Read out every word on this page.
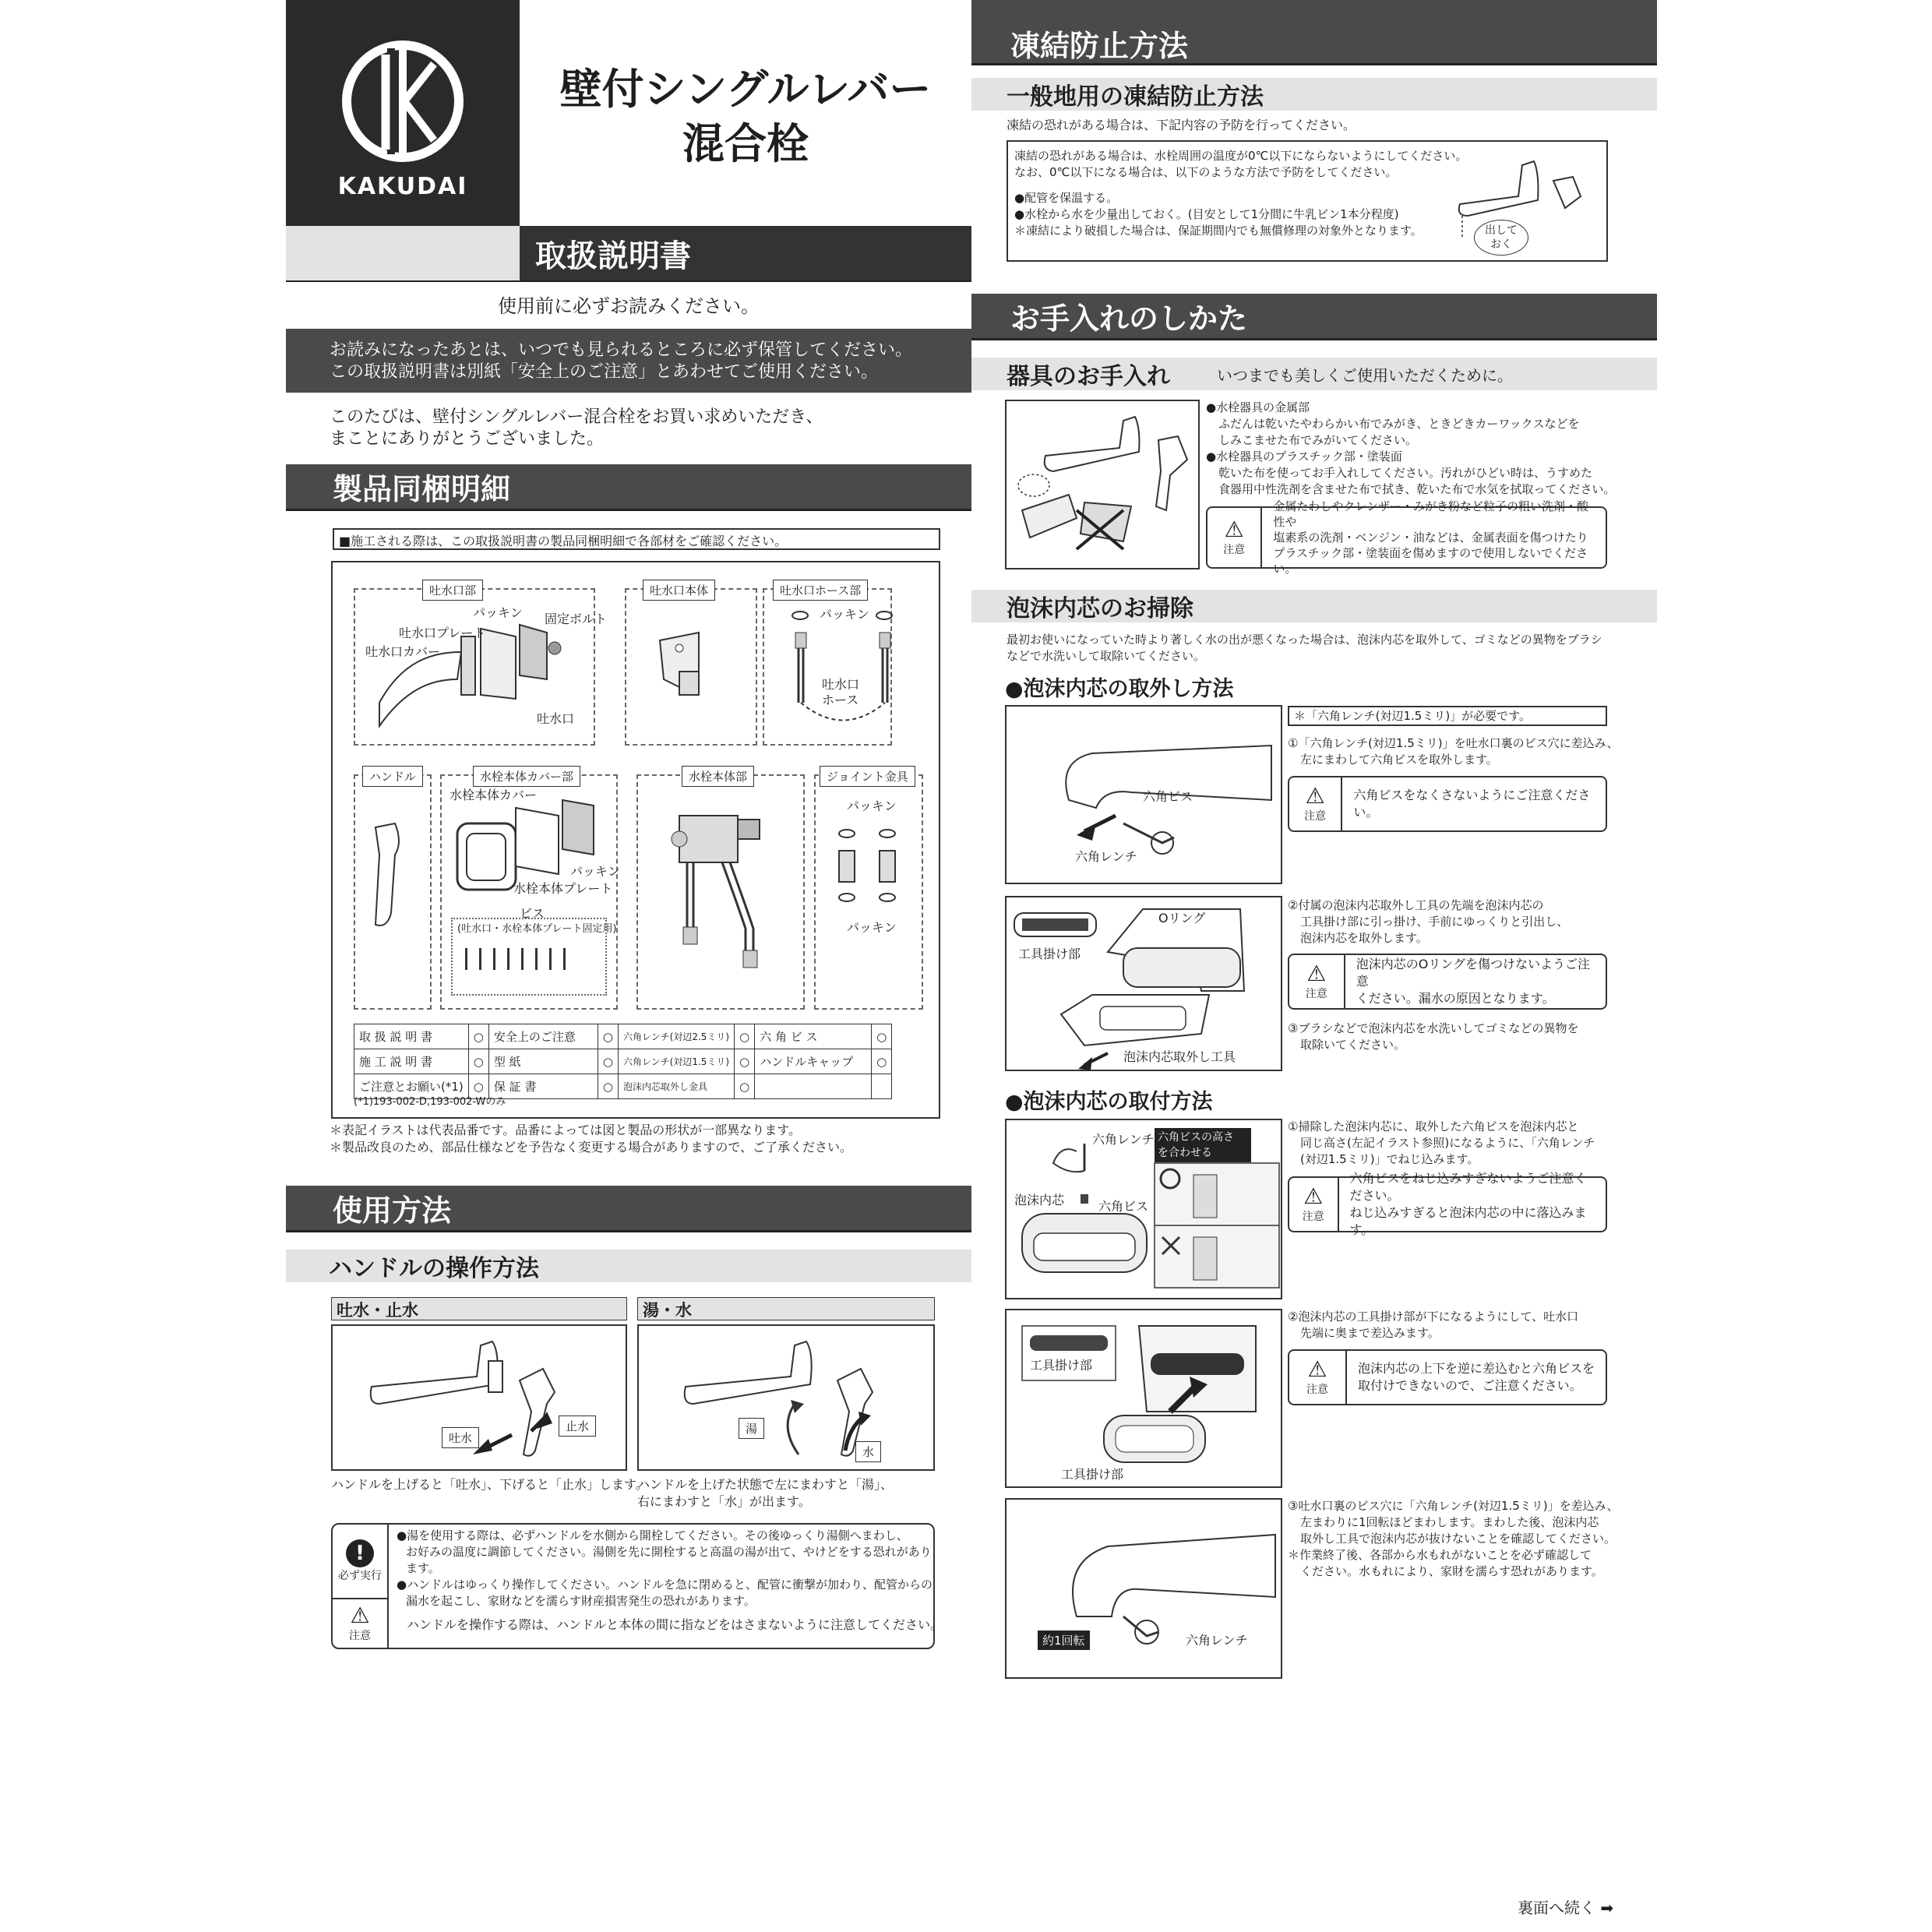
KAKUDAI
壁付シングルレバー
混合栓
取扱説明書
使用前に必ずお読みください。
お読みになったあとは、いつでも見られるところに必ず保管してください。
この取扱説明書は別紙「安全上のご注意」とあわせてご使用ください。
このたびは、壁付シングルレバー混合栓をお買い求めいただき、
まことにありがとうございました。
製品同梱明細
■施工される際は、この取扱説明書の製品同梱明細で各部材をご確認ください。
吐水口部
パッキン 固定ボルト
吐水口プレート
吐水口カバー
吐水口
吐水口本体	吐水口ホース部
パッキン
吐水口
ホース
ハンドル	水栓本体カバー部
水栓本体カバー
パッキン
水栓本体プレート
ビス
(吐水口・水栓本体プレート固定用)
水栓本体部	ジョイント金具
パッキン
パッキン
取 扱 説 明 書	○	安全上のご注意	○	六角レンチ(対辺2.5ミリ)	○	六 角 ビ ス	○
施 工 説 明 書	○	型 紙	○	六角レンチ(対辺1.5ミリ)	○	ハンドルキャップ	○
ご注意とお願い(*1)	○	保 証 書	○	泡沫内芯取外し金具	○		
(*1)193-002-D,193-002-Wのみ
＊表記イラストは代表品番です。品番によっては図と製品の形状が一部異なります。
＊製品改良のため、部品仕様などを予告なく変更する場合がありますので、ご了承ください。
使用方法
ハンドルの操作方法
吐水・止水	湯・水
吐水
止水	湯
水
ハンドルを上げると「吐水」、下げると「止水」します。
ハンドルを上げた状態で左にまわすと「湯」、
右にまわすと「水」が出ます。
!
必ず実行
●湯を使用する際は、必ずハンドルを水側から開栓してください。その後ゆっくり湯側へまわし、
お好みの温度に調節してください。湯側を先に開栓すると高温の湯が出て、やけどをする恐れがあります。
●ハンドルはゆっくり操作してください。ハンドルを急に閉めると、配管に衝撃が加わり、配管からの
漏水を起こし、家財などを濡らす財産損害発生の恐れがあります。
⚠
注意
ハンドルを操作する際は、ハンドルと本体の間に指などをはさまないように注意してください。
凍結防止方法
一般地用の凍結防止方法
凍結の恐れがある場合は、下記内容の予防を行ってください。
凍結の恐れがある場合は、水栓周囲の温度が0℃以下にならないようにしてください。
なお、0℃以下になる場合は、以下のような方法で予防をしてください。
●配管を保温する。
●水栓から水を少量出しておく。(目安として1分間に牛乳ビン1本分程度)
＊凍結により破損した場合は、保証期間内でも無償修理の対象外となります。	出して
おく
お手入れのしかた
器具のお手入れ	いつまでも美しくご使用いただくために。
●水栓器具の金属部
ふだんは乾いたやわらかい布でみがき、ときどきカーワックスなどを
しみこませた布でみがいてください。
●水栓器具のプラスチック部・塗装面
乾いた布を使ってお手入れしてください。汚れがひどい時は、うすめた
食器用中性洗剤を含ませた布で拭き、乾いた布で水気を拭取ってください。
⚠
注意
金属たわしやクレンザー・みがき粉など粒子の粗い洗剤・酸性や
塩素系の洗剤・ベンジン・油などは、金属表面を傷つけたり
プラスチック部・塗装面を傷めますので使用しないでください。
泡沫内芯のお掃除
最初お使いになっていた時より著しく水の出が悪くなった場合は、泡沫内芯を取外して、ゴミなどの異物をブラシ
などで水洗いして取除いてください。
●泡沫内芯の取外し方法
六角ビス
六角レンチ
＊「六角レンチ(対辺1.5ミリ)」が必要です。
①「六角レンチ(対辺1.5ミリ)」を吐水口裏のビス穴に差込み、
左にまわして六角ビスを取外します。
⚠
注意
六角ビスをなくさないようにご注意ください。
Oリング
工具掛け部
泡沫内芯取外し工具
②付属の泡沫内芯取外し工具の先端を泡沫内芯の
工具掛け部に引っ掛け、手前にゆっくりと引出し、
泡沫内芯を取外します。
⚠
注意
泡沫内芯のOリングを傷つけないようご注意
ください。漏水の原因となります。
③ブラシなどで泡沫内芯を水洗いしてゴミなどの異物を
取除いてください。
●泡沫内芯の取付方法
六角レンチ 六角ビスの高さ
を合わせる
泡沫内芯	六角ビス
①掃除した泡沫内芯に、取外した六角ビスを泡沫内芯と
同じ高さ(左記イラスト参照)になるように、「六角レンチ
(対辺1.5ミリ)」でねじ込みます。
⚠
注意
六角ビスをねじ込みすぎないようご注意ください。
ねじ込みすぎると泡沫内芯の中に落込みます。
工具掛け部
工具掛け部
②泡沫内芯の工具掛け部が下になるようにして、吐水口
先端に奥まで差込みます。
⚠
注意
泡沫内芯の上下を逆に差込むと六角ビスを
取付けできないので、ご注意ください。
約1回転	六角レンチ
③吐水口裏のビス穴に「六角レンチ(対辺1.5ミリ)」を差込み、
左まわりに1回転ほどまわします。まわした後、泡沫内芯
取外し工具で泡沫内芯が抜けないことを確認してください。
＊作業終了後、各部から水もれがないことを必ず確認して
ください。水もれにより、家財を濡らす恐れがあります。
裏面へ続く ➡
